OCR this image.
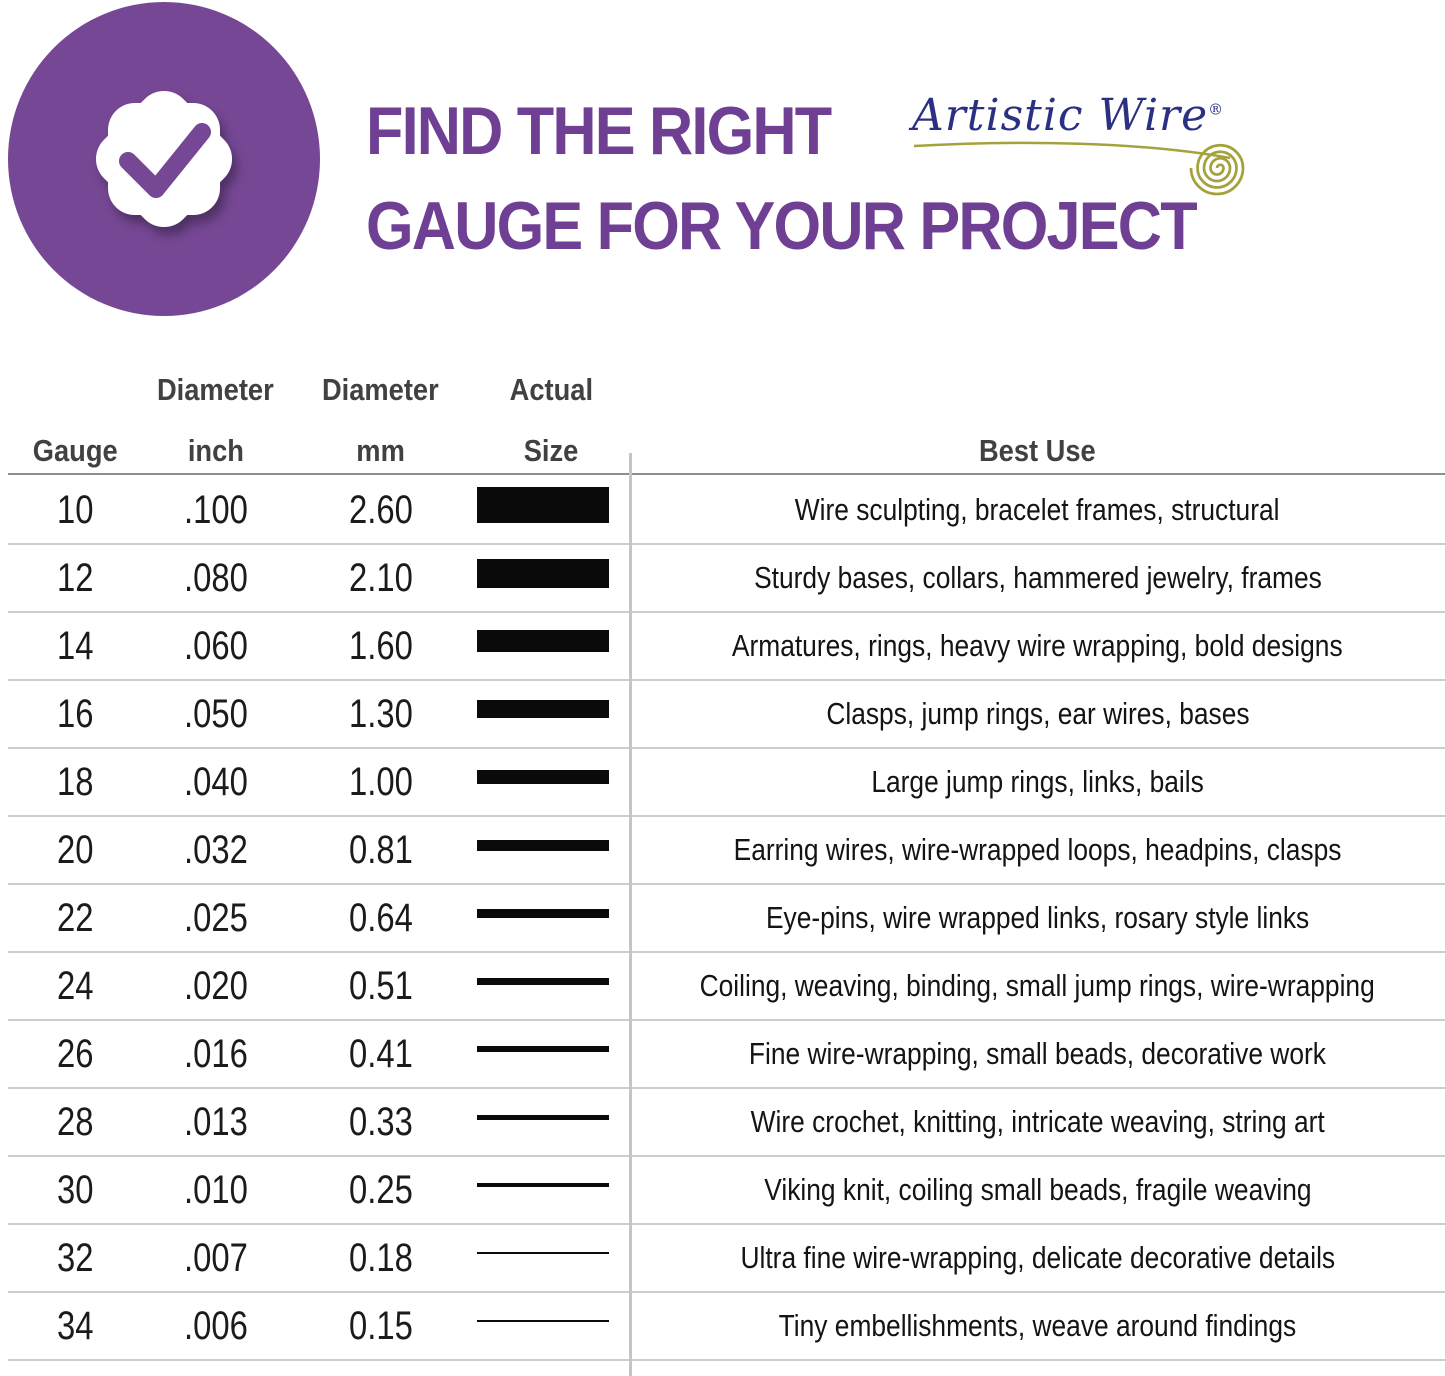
FIND THE RIGHT
GAUGE FOR YOUR PROJECT
Artistic Wire®
Diameter Diameter Actual
Gauge inch	mm	Size	Best Use
10 .100	2.60	Wire sculpting, bracelet frames, structural
12 .080	2.10	Sturdy bases, collars, hammered jewelry, frames
14 .060	1.60	Armatures, rings, heavy wire wrapping, bold designs
16 .050	1.30	Clasps, jump rings, ear wires, bases
18 .040	1.00	Large jump rings, links, bails
20 .032	0.81	Earring wires, wire-wrapped loops, headpins, clasps
22 .025	0.64	Eye-pins, wire wrapped links, rosary style links
24 .020	0.51	Coiling, weaving, binding, small jump rings, wire-wrapping
26 .016	0.41	Fine wire-wrapping, small beads, decorative work
28 .013	0.33	Wire crochet, knitting, intricate weaving, string art
30 .010	0.25	Viking knit, coiling small beads, fragile weaving
32 .007	0.18	Ultra fine wire-wrapping, delicate decorative details
34 .006	0.15	Tiny embellishments, weave around findings
